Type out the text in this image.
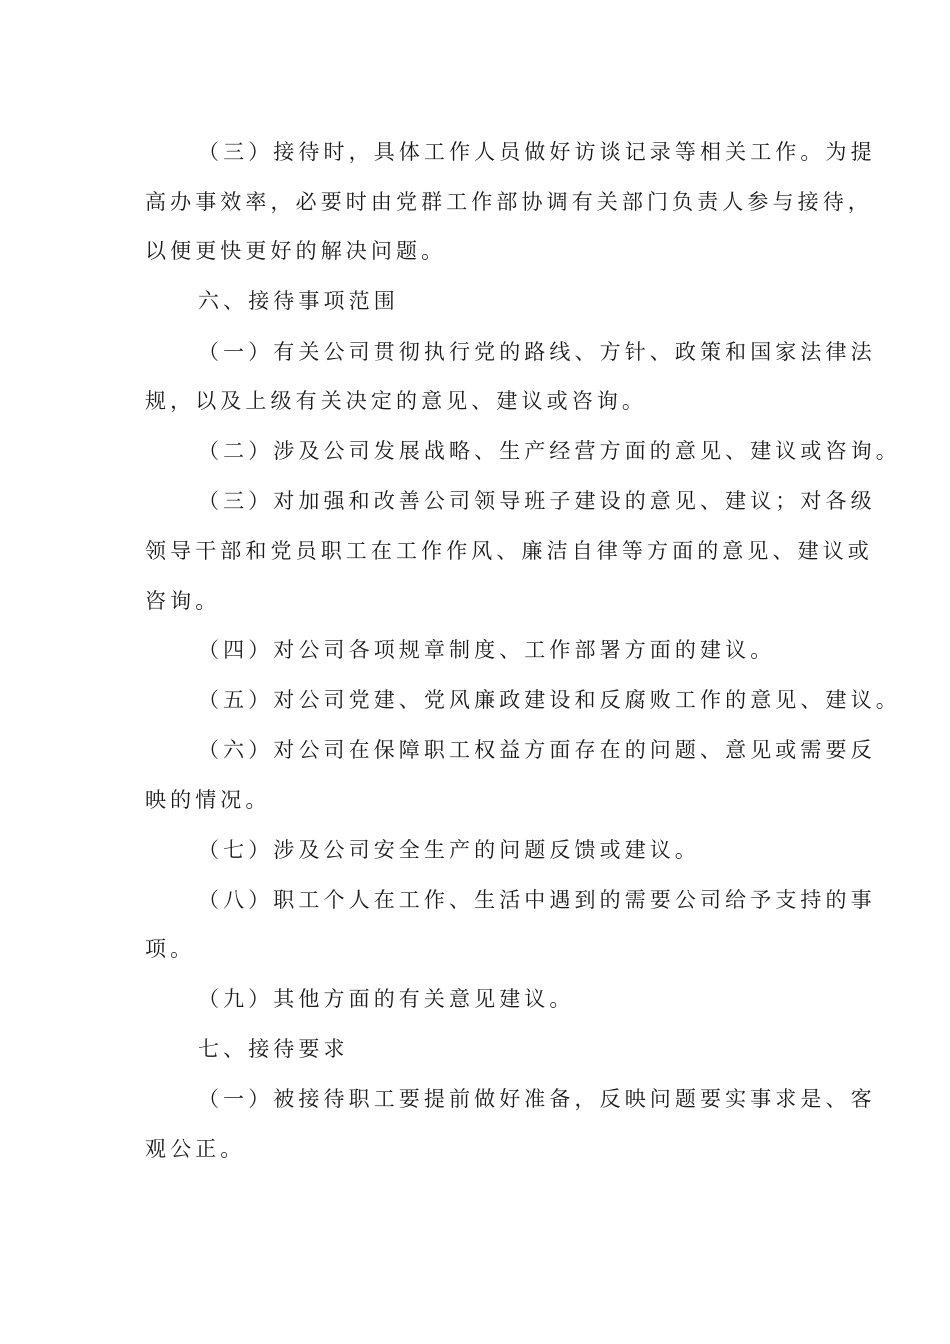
（三）接待时，具体工作人员做好访谈记录等相关工作。为提
高办事效率，必要时由党群工作部协调有关部门负责人参与接待，
以便更快更好的解决问题。
六、接待事项范围
（一）有关公司贯彻执行党的路线、方针、政策和国家法律法
规，以及上级有关决定的意见、建议或咨询。
（二）涉及公司发展战略、生产经营方面的意见、建议或咨询。
（三）对加强和改善公司领导班子建设的意见、建议；对各级
领导干部和党员职工在工作作风、廉洁自律等方面的意见、建议或
咨询。
（四）对公司各项规章制度、工作部署方面的建议。
（五）对公司党建、党风廉政建设和反腐败工作的意见、建议。
（六）对公司在保障职工权益方面存在的问题、意见或需要反
映的情况。
（七）涉及公司安全生产的问题反馈或建议。
（八）职工个人在工作、生活中遇到的需要公司给予支持的事
项。
（九）其他方面的有关意见建议。
七、接待要求
（一）被接待职工要提前做好准备，反映问题要实事求是、客
观公正。
